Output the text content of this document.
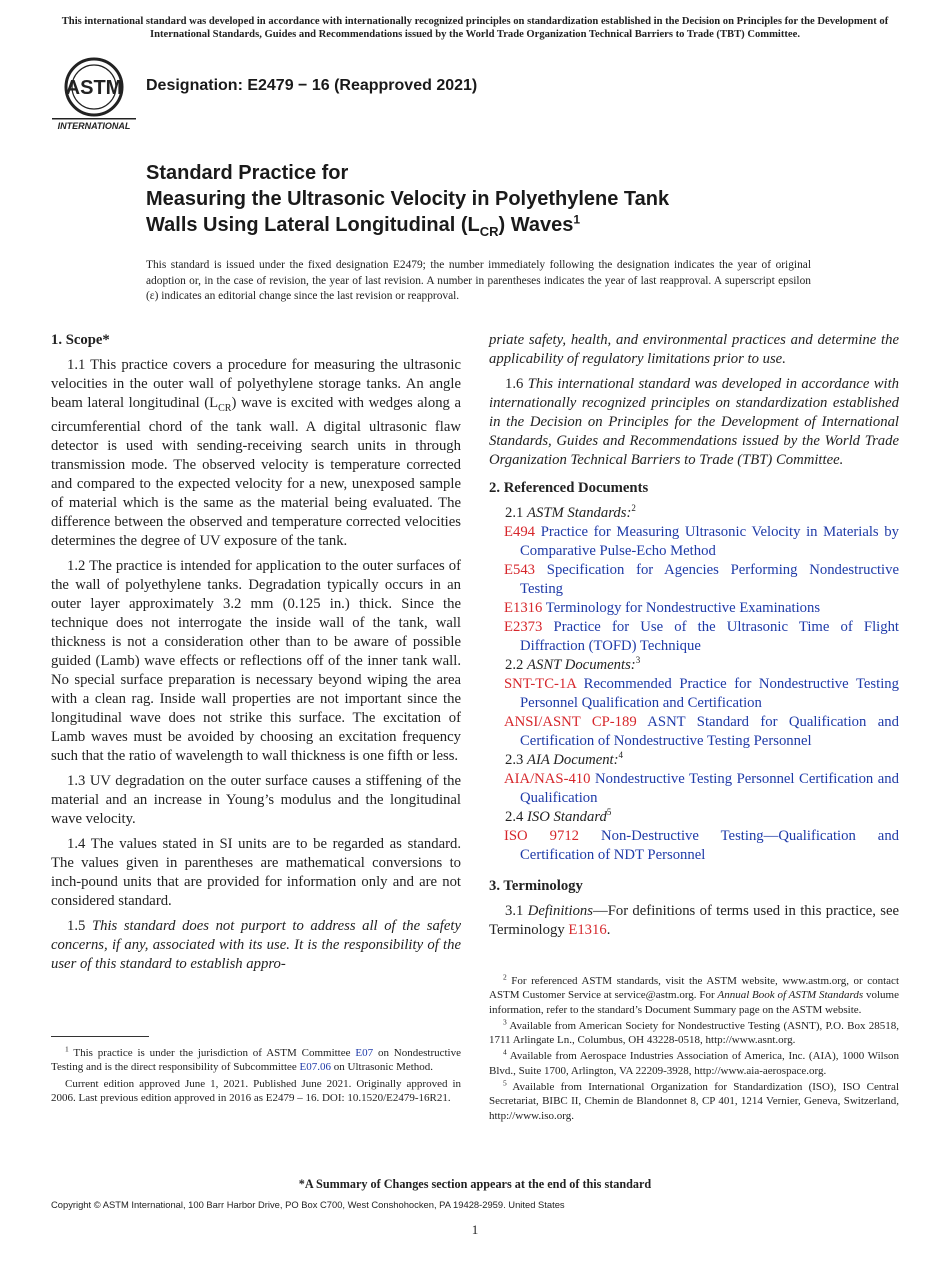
This international standard was developed in accordance with internationally recognized principles on standardization established in the Decision on Principles for the Development of International Standards, Guides and Recommendations issued by the World Trade Organization Technical Barriers to Trade (TBT) Committee.
ASTM
INTERNATIONAL
Designation: E2479 − 16 (Reapproved 2021)
Standard Practice for
Measuring the Ultrasonic Velocity in Polyethylene Tank
Walls Using Lateral Longitudinal $(L_{CR})$ Waves$^1$
This standard is issued under the fixed designation E2479; the number immediately following the designation indicates the year of original adoption or, in the case of revision, the year of last revision. A number in parentheses indicates the year of last reapproval. A superscript epsilon (ε) indicates an editorial change since the last revision or reapproval.
1. Scope*

1.1 This practice covers a procedure for measuring the ultrasonic velocities in the outer wall of polyethylene storage tanks. An angle beam lateral longitudinal $(L_{CR})$ wave is excited with wedges along a circumferential chord of the tank wall. A digital ultrasonic flaw detector is used with sending-receiving search units in through transmission mode. The observed velocity is temperature corrected and compared to the expected velocity for a new, unexposed sample of material which is the same as the material being evaluated. The difference between the observed and temperature corrected velocities determines the degree of UV exposure of the tank.

1.2 The practice is intended for application to the outer surfaces of the wall of polyethylene tanks. Degradation typically occurs in an outer layer approximately 3.2 mm (0.125 in.) thick. Since the technique does not interrogate the inside wall of the tank, wall thickness is not a consideration other than to be aware of possible guided (Lamb) wave effects or reflections off of the inner tank wall. No special surface preparation is necessary beyond wiping the area with a clean rag. Inside wall properties are not important since the longitudinal wave does not strike this surface. The excitation of Lamb waves must be avoided by choosing an excitation frequency such that the ratio of wavelength to wall thickness is one fifth or less.

1.3 UV degradation on the outer surface causes a stiffening of the material and an increase in Young’s modulus and the longitudinal wave velocity.

1.4 The values stated in SI units are to be regarded as standard. The values given in parentheses are mathematical conversions to inch-pound units that are provided for information only and are not considered standard.

1.5 This standard does not purport to address all of the safety concerns, if any, associated with its use. It is the responsibility of the user of this standard to establish appro-

priate safety, health, and environmental practices and determine the applicability of regulatory limitations prior to use.

1.6 This international standard was developed in accordance with internationally recognized principles on standardization established in the Decision on Principles for the Development of International Standards, Guides and Recommendations issued by the World Trade Organization Technical Barriers to Trade (TBT) Committee.

2. Referenced Documents
2.1 ASTM Standards:$^2$
E494 Practice for Measuring Ultrasonic Velocity in Materials by Comparative Pulse-Echo Method
E543 Specification for Agencies Performing Nondestructive Testing
E1316 Terminology for Nondestructive Examinations
E2373 Practice for Use of the Ultrasonic Time of Flight Diffraction (TOFD) Technique
2.2 ASNT Documents:$^3$
SNT-TC-1A Recommended Practice for Nondestructive Testing Personnel Qualification and Certification
ANSI/ASNT CP-189 ASNT Standard for Qualification and Certification of Nondestructive Testing Personnel
2.3 AIA Document:$^4$
AIA/NAS-410 Nondestructive Testing Personnel Certification and Qualification
2.4 ISO Standard$^5$
ISO 9712 Non-Destructive Testing—Qualification and Certification of NDT Personnel
3. Terminology

3.1 Definitions—For definitions of terms used in this practice, see Terminology E1316.

$^1$ This practice is under the jurisdiction of ASTM Committee E07 on Nondestructive Testing and is the direct responsibility of Subcommittee E07.06 on Ultrasonic Method.

Current edition approved June 1, 2021. Published June 2021. Originally approved in 2006. Last previous edition approved in 2016 as E2479 – 16. DOI: 10.1520/E2479-16R21.

$^2$ For referenced ASTM standards, visit the ASTM website, www.astm.org, or contact ASTM Customer Service at service@astm.org. For Annual Book of ASTM Standards volume information, refer to the standard’s Document Summary page on the ASTM website.

$^3$ Available from American Society for Nondestructive Testing (ASNT), P.O. Box 28518, 1711 Arlingate Ln., Columbus, OH 43228-0518, http://www.asnt.org.

$^4$ Available from Aerospace Industries Association of America, Inc. (AIA), 1000 Wilson Blvd., Suite 1700, Arlington, VA 22209-3928, http://www.aia-aerospace.org.

$^5$ Available from International Organization for Standardization (ISO), ISO Central Secretariat, BIBC II, Chemin de Blandonnet 8, CP 401, 1214 Vernier, Geneva, Switzerland, http://www.iso.org.

*A Summary of Changes section appears at the end of this standard
Copyright © ASTM International, 100 Barr Harbor Drive, PO Box C700, West Conshohocken, PA 19428-2959. United States
1
